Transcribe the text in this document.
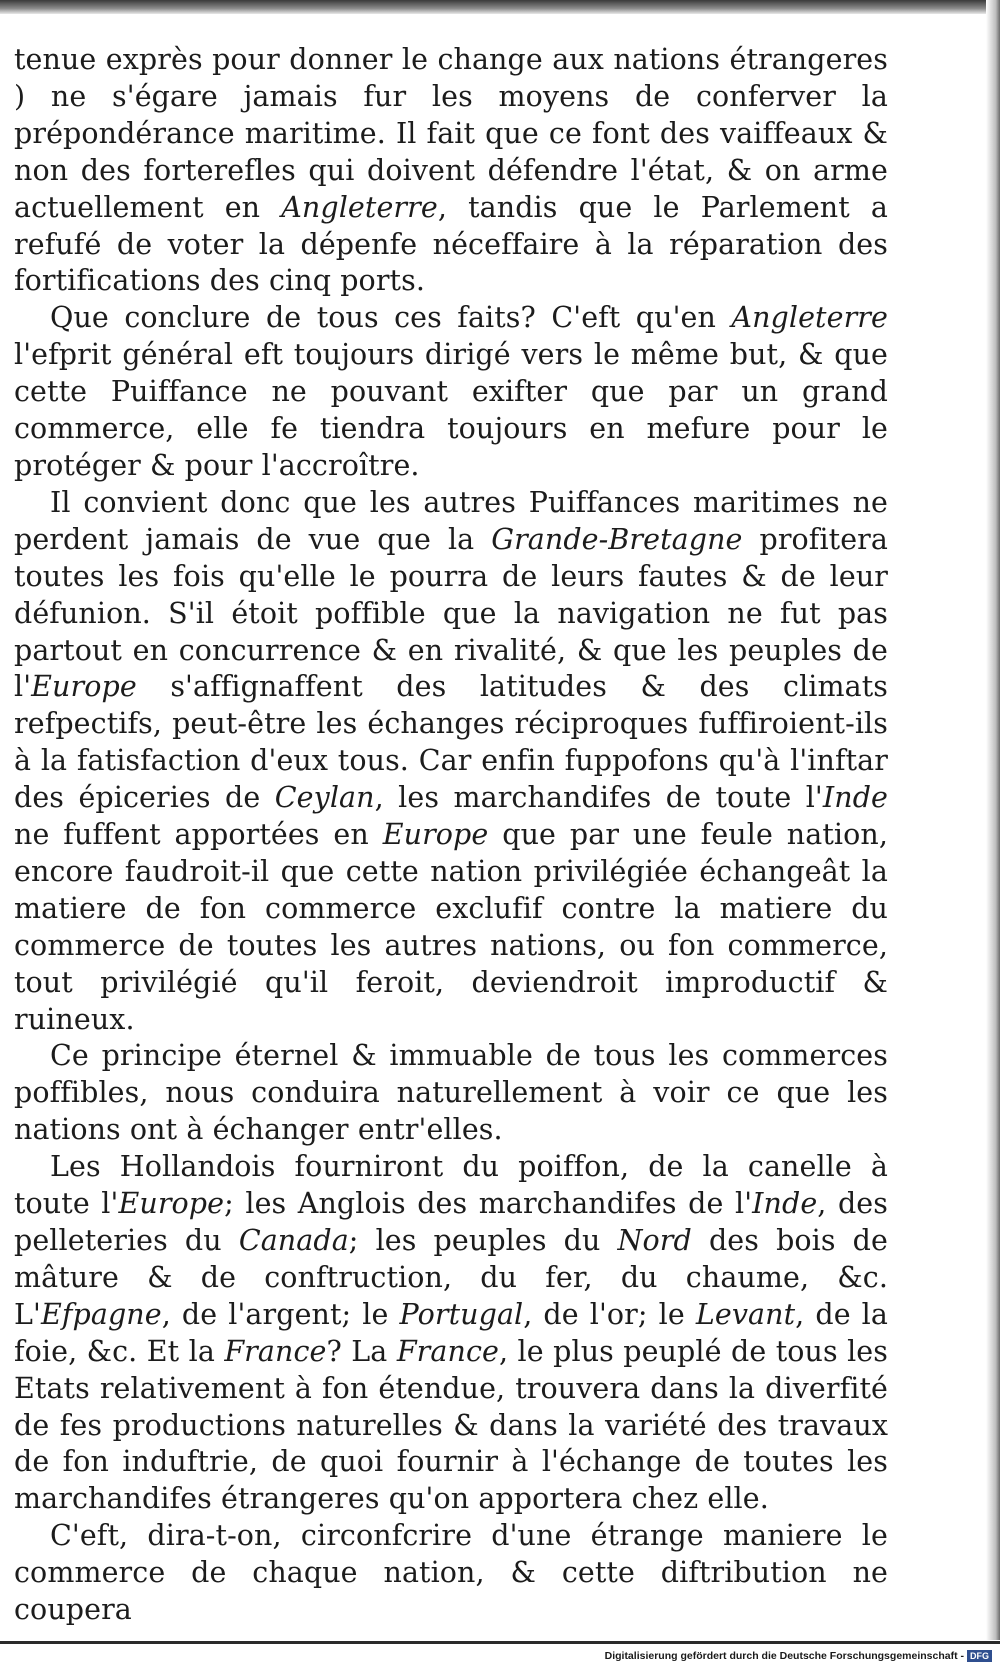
tenue exprès pour donner le change aux nations étrangeres ) ne s'égare jamais fur les moyens de conferver la prépondérance maritime. Il fait que ce font des vaiffeaux & non des forterefles qui doivent défendre l'état, & on arme actuellement en Angleterre, tandis que le Parlement a refufé de voter la dépenfe néceffaire à la réparation des fortifications des cinq ports.

Que conclure de tous ces faits? C'eft qu'en Angleterre l'efprit général eft toujours dirigé vers le même but, & que cette Puiffance ne pouvant exifter que par un grand commerce, elle fe tiendra toujours en mefure pour le protéger & pour l'accroître.

Il convient donc que les autres Puiffances maritimes ne perdent jamais de vue que la Grande-Bretagne profitera toutes les fois qu'elle le pourra de leurs fautes & de leur défunion. S'il étoit poffible que la navigation ne fut pas partout en concurrence & en rivalité, & que les peuples de l'Europe s'affignaffent des latitudes & des climats refpectifs, peut-être les échanges réciproques fuffiroient-ils à la fatisfaction d'eux tous. Car enfin fuppofons qu'à l'inftar des épiceries de Ceylan, les marchandifes de toute l'Inde ne fuffent apportées en Europe que par une feule nation, encore faudroit-il que cette nation privilégiée échangeât la matiere de fon commerce exclufif contre la matiere du commerce de toutes les autres nations, ou fon commerce, tout privilégié qu'il feroit, deviendroit improductif & ruineux.

Ce principe éternel & immuable de tous les commerces poffibles, nous conduira naturellement à voir ce que les nations ont à échanger entr'elles.

Les Hollandois fourniront du poiffon, de la canelle à toute l'Europe; les Anglois des marchandifes de l'Inde, des pelleteries du Canada; les peuples du Nord des bois de mâture & de conftruction, du fer, du chaume, &c. L'Efpagne, de l'argent; le Portugal, de l'or; le Levant, de la foie, &c. Et la France? La France, le plus peuplé de tous les Etats relativement à fon étendue, trouvera dans la diverfité de fes productions naturelles & dans la variété des travaux de fon induftrie, de quoi fournir à l'échange de toutes les marchandifes étrangeres qu'on apportera chez elle.

C'eft, dira-t-on, circonfcrire d'une étrange maniere le commerce de chaque nation, & cette diftribution ne coupera

Digitalisierung gefördert durch die Deutsche Forschungsgemeinschaft - DFG
